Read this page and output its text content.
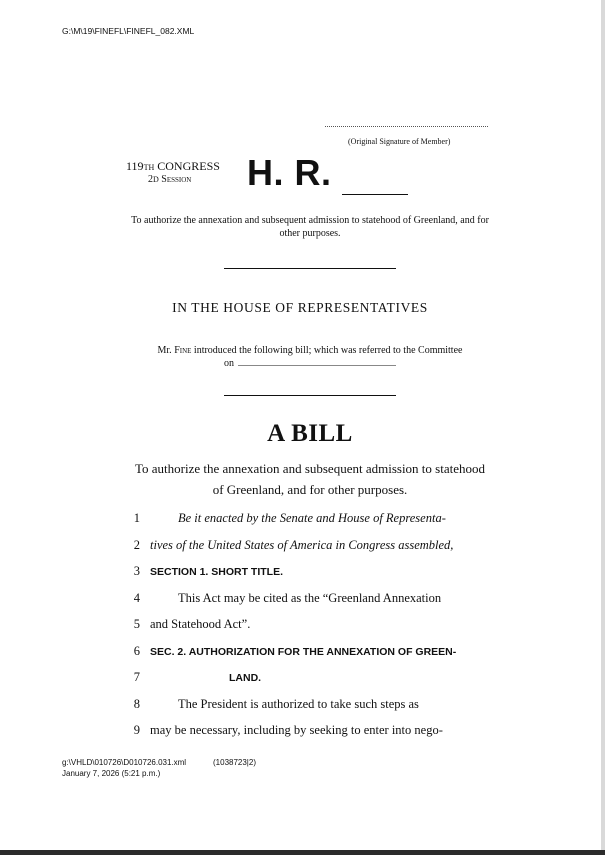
G:\M\19\FINEFL\FINEFL_082.XML
(Original Signature of Member)
119TH CONGRESS
2D Session H. R.
To authorize the annexation and subsequent admission to statehood of Greenland, and for other purposes.
IN THE HOUSE OF REPRESENTATIVES
Mr. Fine introduced the following bill; which was referred to the Committee
on
A BILL
To authorize the annexation and subsequent admission to statehood of Greenland, and for other purposes.
1	Be it enacted by the Senate and House of Representa-
2 tives of the United States of America in Congress assembled,
3 SECTION 1. SHORT TITLE.
4	This Act may be cited as the “Greenland Annexation
5 and Statehood Act”.
6 SEC. 2. AUTHORIZATION FOR THE ANNEXATION OF GREEN-
7	LAND.
8	The President is authorized to take such steps as
9 may be necessary, including by seeking to enter into nego-
g:\VHLD\010726\D010726.031.xml	(1038723|2)
January 7, 2026 (5:21 p.m.)
